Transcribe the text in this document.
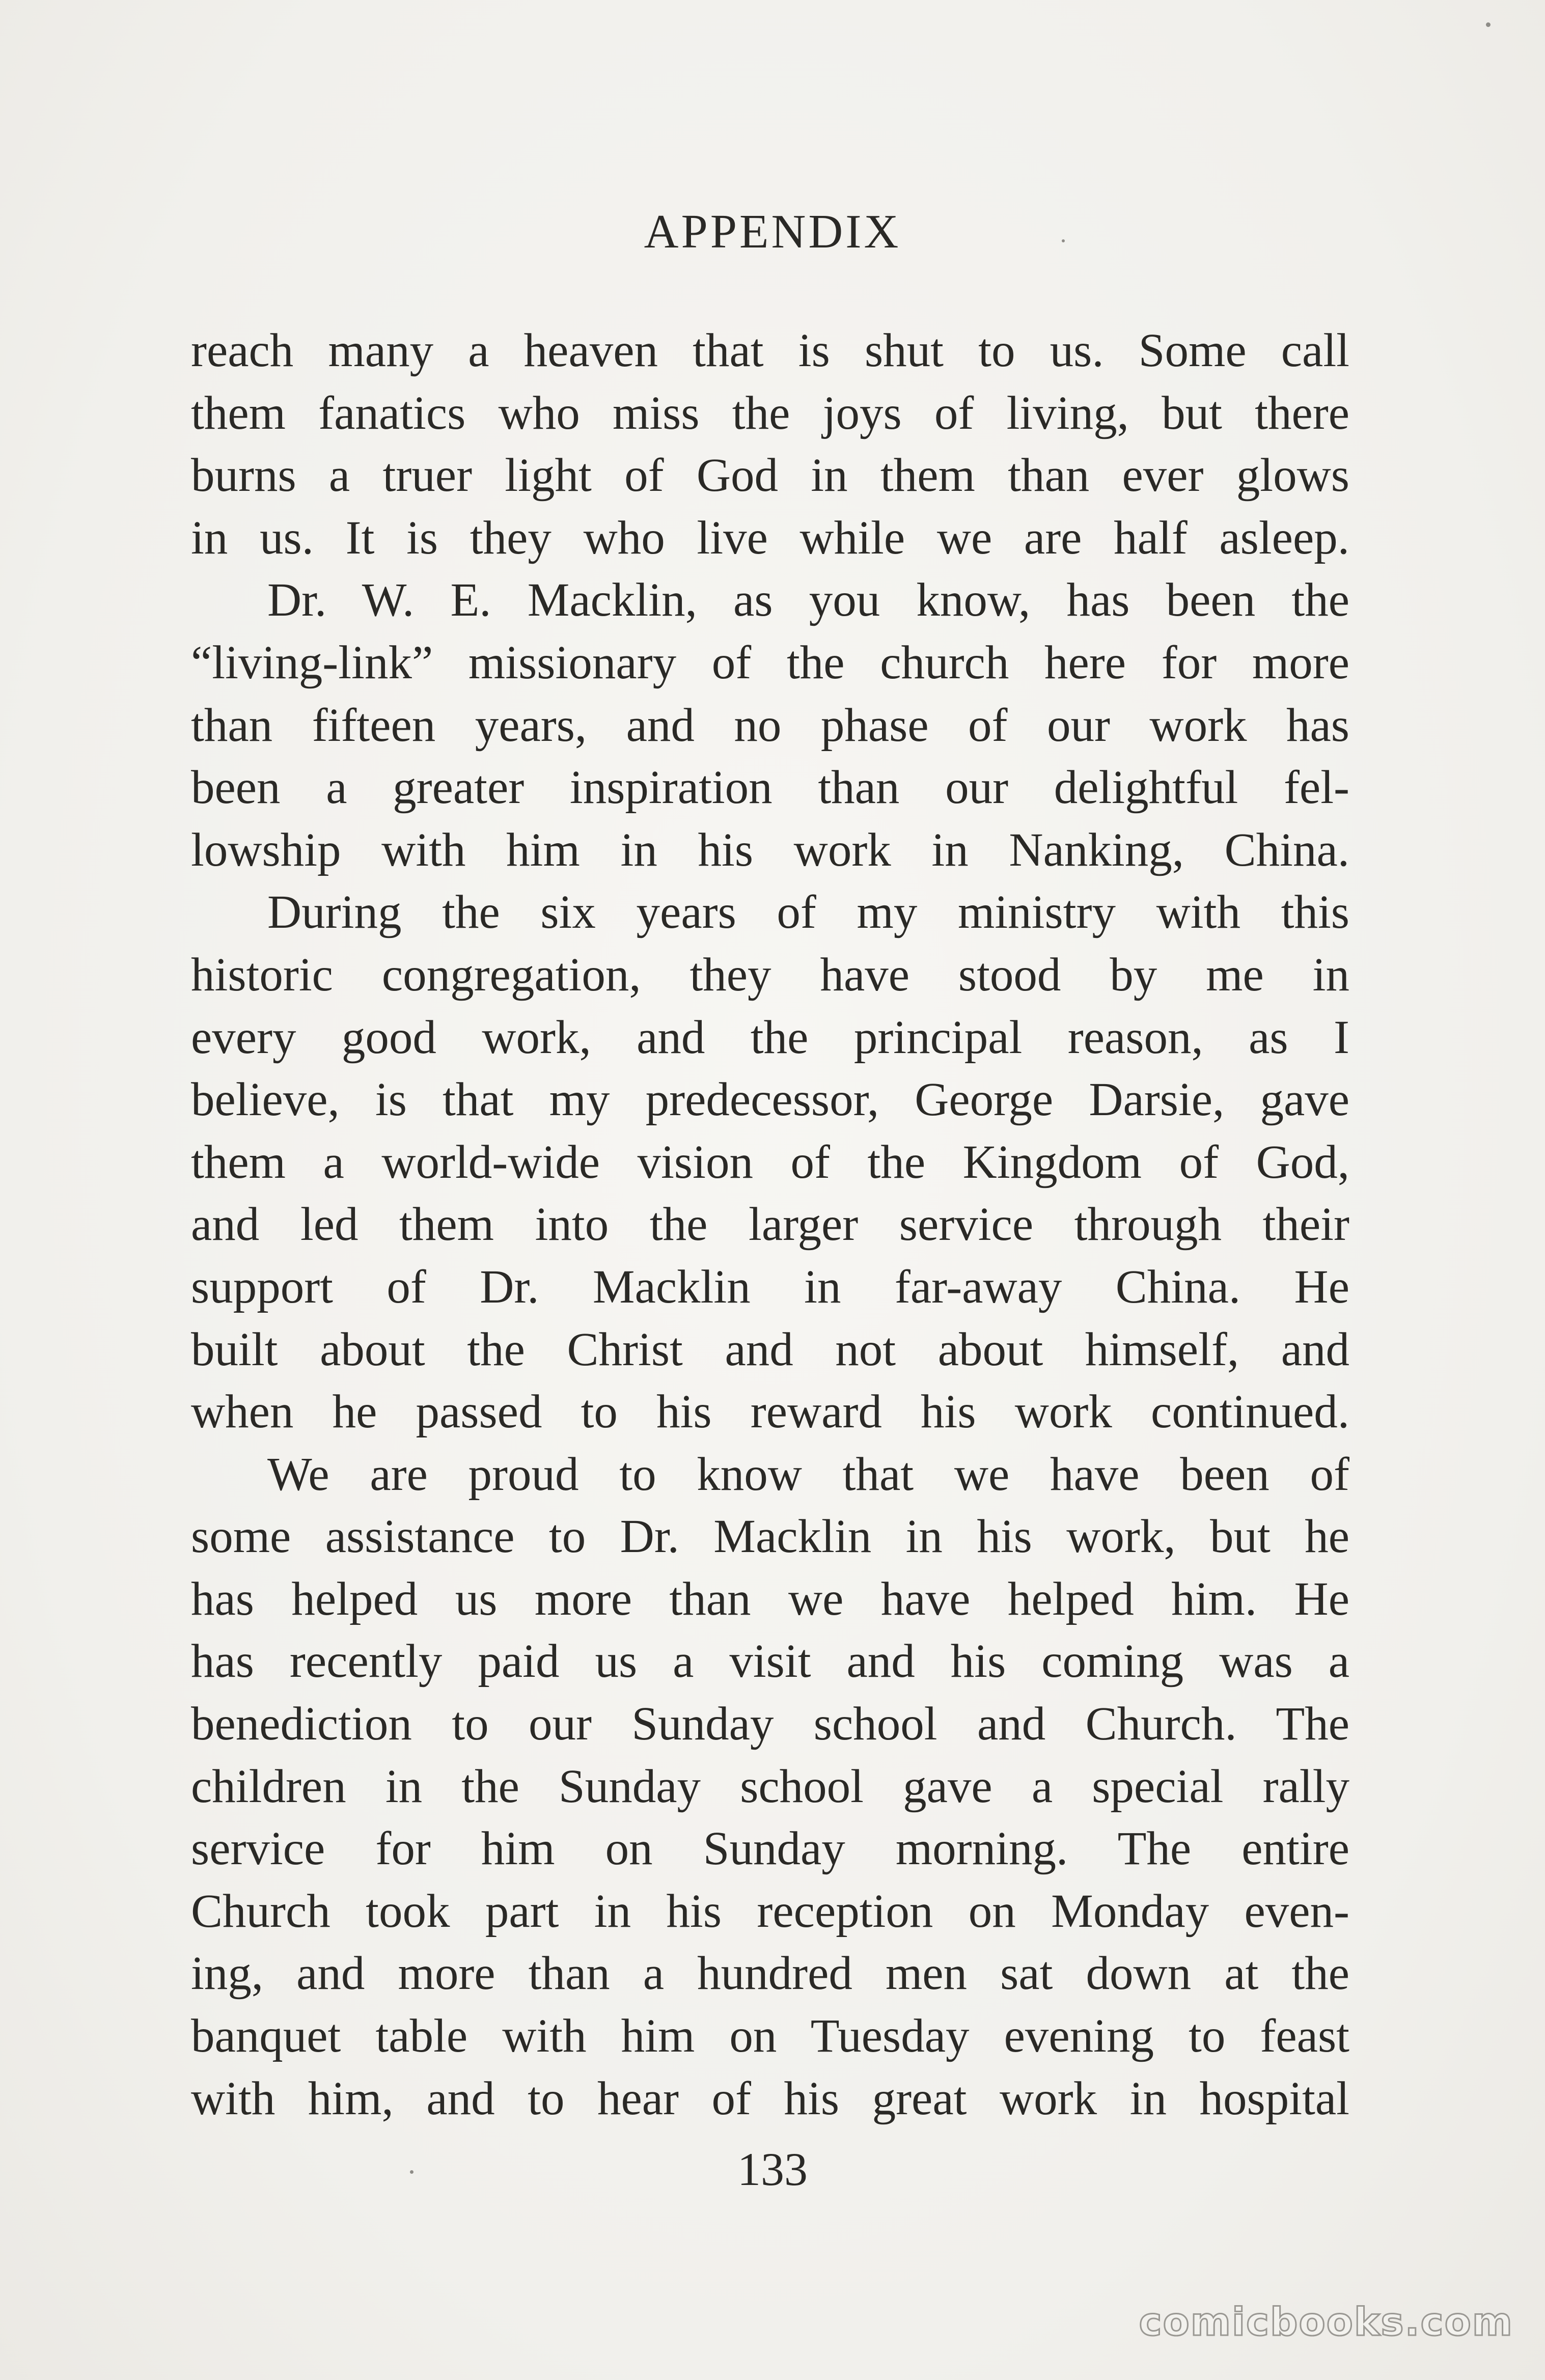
APPENDIX
reach many a heaven that is shut to us. Some call
them fanatics who miss the joys of living, but there
burns a truer light of God in them than ever glows
in us. It is they who live while we are half asleep.
Dr. W. E. Macklin, as you know, has been the
“living-link” missionary of the church here for more
than fifteen years, and no phase of our work has
been a greater inspiration than our delightful fel-
lowship with him in his work in Nanking, China.
During the six years of my ministry with this
historic congregation, they have stood by me in
every good work, and the principal reason, as I
believe, is that my predecessor, George Darsie, gave
them a world-wide vision of the Kingdom of God,
and led them into the larger service through their
support of Dr. Macklin in far-away China. He
built about the Christ and not about himself, and
when he passed to his reward his work continued.
We are proud to know that we have been of
some assistance to Dr. Macklin in his work, but he
has helped us more than we have helped him. He
has recently paid us a visit and his coming was a
benediction to our Sunday school and Church. The
children in the Sunday school gave a special rally
service for him on Sunday morning. The entire
Church took part in his reception on Monday even-
ing, and more than a hundred men sat down at the
banquet table with him on Tuesday evening to feast
with him, and to hear of his great work in hospital
133
comicbooks.com
